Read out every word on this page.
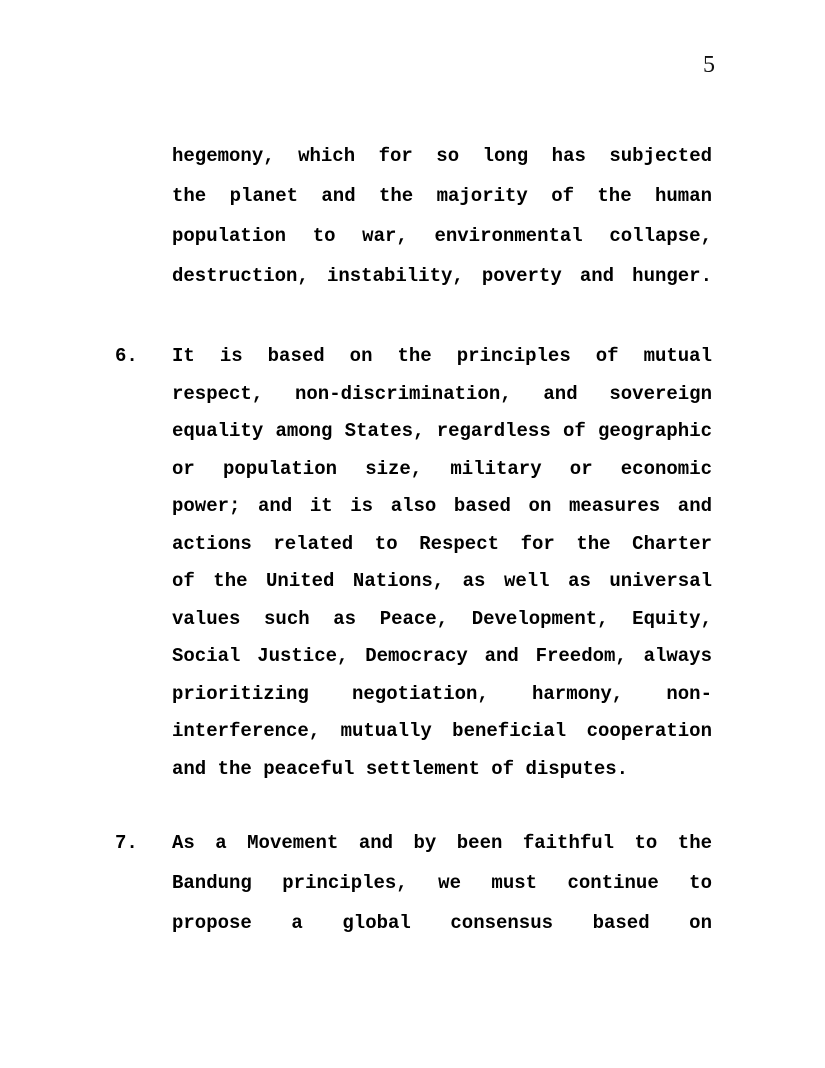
5
hegemony, which for so long has subjected
the planet and the majority of the human
population to war, environmental collapse,
destruction, instability, poverty and hunger.
6. It is based on the principles of mutual
respect, non-discrimination, and sovereign
equality among States, regardless of geographic
or population size, military or economic
power; and it is also based on measures and
actions related to Respect for the Charter
of the United Nations, as well as universal
values such as Peace, Development, Equity,
Social Justice, Democracy and Freedom, always
prioritizing negotiation, harmony, non-
interference, mutually beneficial cooperation
and the peaceful settlement of disputes.
7. As a Movement and by been faithful to the
Bandung principles, we must continue to
propose a global consensus based on
